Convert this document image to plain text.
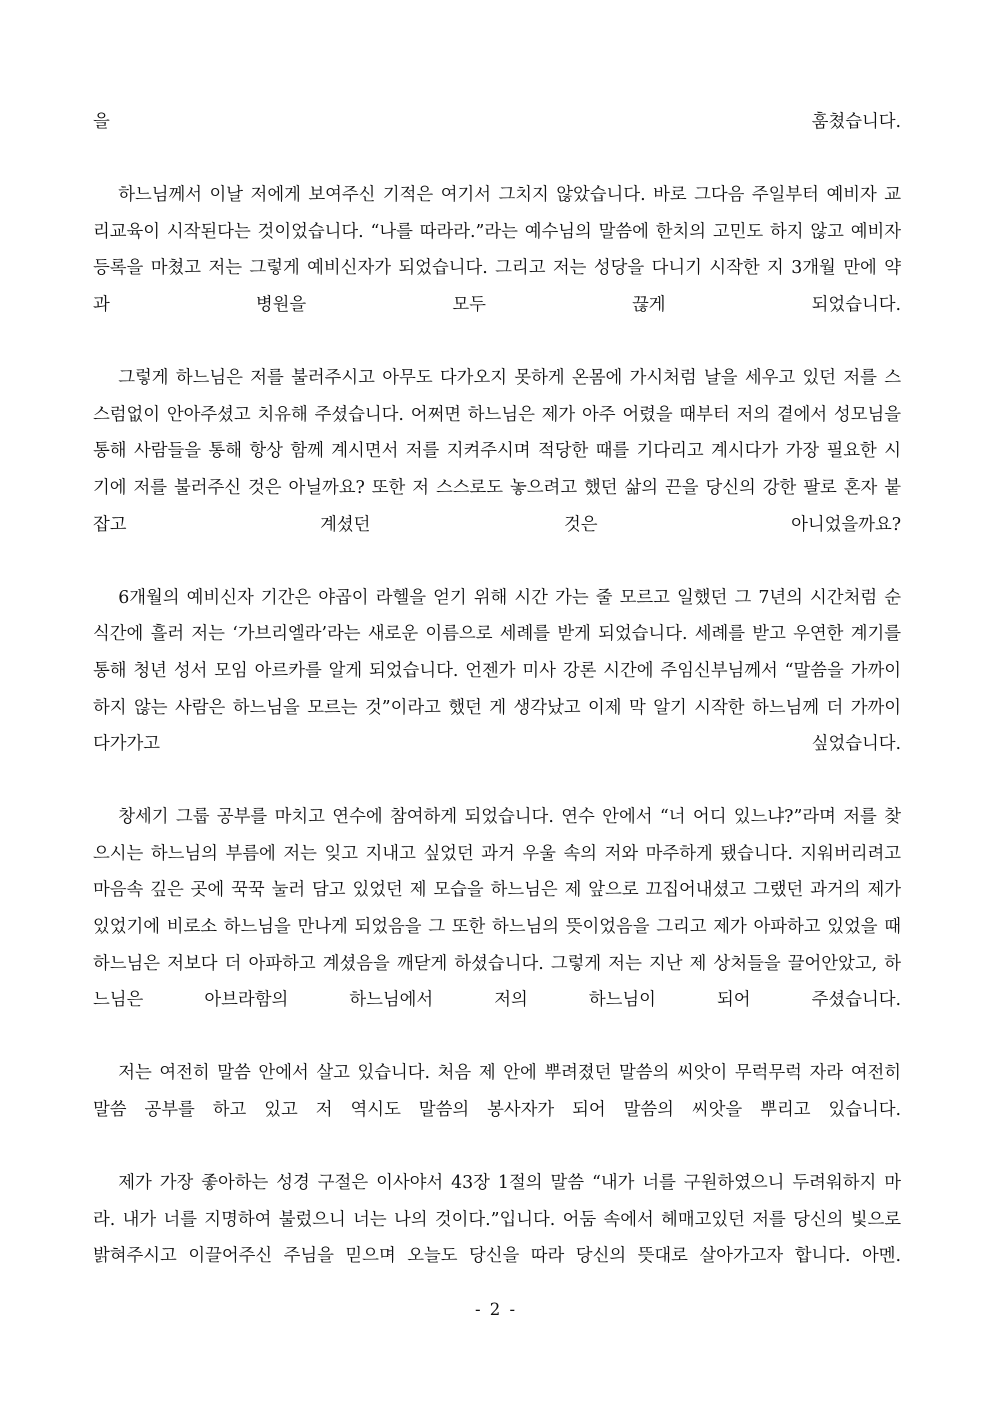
을 훔쳤습니다.

하느님께서 이날 저에게 보여주신 기적은 여기서 그치지 않았습니다. 바로 그다음 주일부터 예비자 교리교육이 시작된다는 것이었습니다. “나를 따라라.”라는 예수님의 말씀에 한치의 고민도 하지 않고 예비자 등록을 마쳤고 저는 그렇게 예비신자가 되었습니다. 그리고 저는 성당을 다니기 시작한 지 3개월 만에 약과 병원을 모두 끊게 되었습니다.

그렇게 하느님은 저를 불러주시고 아무도 다가오지 못하게 온몸에 가시처럼 날을 세우고 있던 저를 스스럼없이 안아주셨고 치유해 주셨습니다. 어쩌면 하느님은 제가 아주 어렸을 때부터 저의 곁에서 성모님을 통해 사람들을 통해 항상 함께 계시면서 저를 지켜주시며 적당한 때를 기다리고 계시다가 가장 필요한 시기에 저를 불러주신 것은 아닐까요? 또한 저 스스로도 놓으려고 했던 삶의 끈을 당신의 강한 팔로 혼자 붙잡고 계셨던 것은 아니었을까요?

6개월의 예비신자 기간은 야곱이 라헬을 얻기 위해 시간 가는 줄 모르고 일했던 그 7년의 시간처럼 순식간에 흘러 저는 ‘가브리엘라’라는 새로운 이름으로 세례를 받게 되었습니다. 세례를 받고 우연한 계기를 통해 청년 성서 모임 아르카를 알게 되었습니다. 언젠가 미사 강론 시간에 주임신부님께서 “말씀을 가까이하지 않는 사람은 하느님을 모르는 것”이라고 했던 게 생각났고 이제 막 알기 시작한 하느님께 더 가까이 다가가고 싶었습니다.

창세기 그룹 공부를 마치고 연수에 참여하게 되었습니다. 연수 안에서 “너 어디 있느냐?”라며 저를 찾으시는 하느님의 부름에 저는 잊고 지내고 싶었던 과거 우울 속의 저와 마주하게 됐습니다. 지워버리려고 마음속 깊은 곳에 꾹꾹 눌러 담고 있었던 제 모습을 하느님은 제 앞으로 끄집어내셨고 그랬던 과거의 제가 있었기에 비로소 하느님을 만나게 되었음을 그 또한 하느님의 뜻이었음을 그리고 제가 아파하고 있었을 때 하느님은 저보다 더 아파하고 계셨음을 깨닫게 하셨습니다. 그렇게 저는 지난 제 상처들을 끌어안았고, 하느님은 아브라함의 하느님에서 저의 하느님이 되어 주셨습니다.

저는 여전히 말씀 안에서 살고 있습니다. 처음 제 안에 뿌려졌던 말씀의 씨앗이 무럭무럭 자라 여전히 말씀 공부를 하고 있고 저 역시도 말씀의 봉사자가 되어 말씀의 씨앗을 뿌리고 있습니다.

제가 가장 좋아하는 성경 구절은 이사야서 43장 1절의 말씀 “내가 너를 구원하였으니 두려워하지 마라. 내가 너를 지명하여 불렀으니 너는 나의 것이다.”입니다. 어둠 속에서 헤매고있던 저를 당신의 빛으로 밝혀주시고 이끌어주신 주님을 믿으며 오늘도 당신을 따라 당신의 뜻대로 살아가고자 합니다. 아멘.

- 2 -
